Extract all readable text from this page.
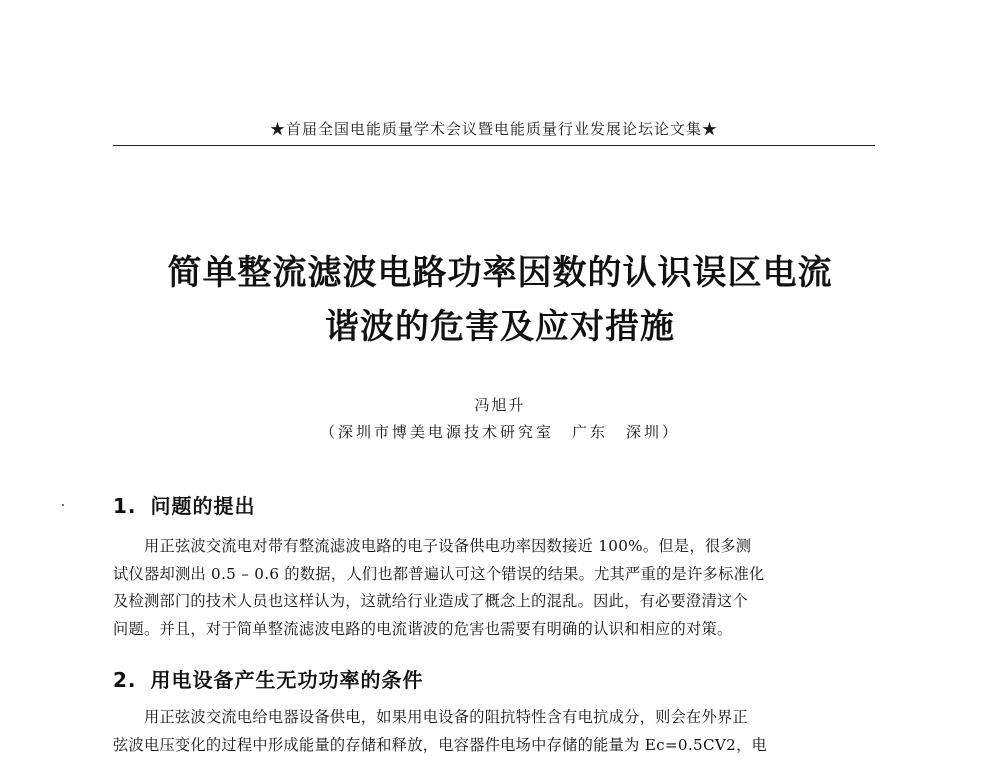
★首届全国电能质量学术会议暨电能质量行业发展论坛论文集★
简单整流滤波电路功率因数的认识误区电流
谐波的危害及应对措施
冯旭升
（深圳市博美电源技术研究室　广东　深圳）
1. 问题的提出
用正弦波交流电对带有整流滤波电路的电子设备供电功率因数接近 100%。但是，很多测
试仪器却测出 0.5 – 0.6 的数据，人们也都普遍认可这个错误的结果。尤其严重的是许多标准化
及检测部门的技术人员也这样认为，这就给行业造成了概念上的混乱。因此，有必要澄清这个
问题。并且，对于简单整流滤波电路的电流谐波的危害也需要有明确的认识和相应的对策。
2. 用电设备产生无功功率的条件
用正弦波交流电给电器设备供电，如果用电设备的阻抗特性含有电抗成分，则会在外界正
弦波电压变化的过程中形成能量的存储和释放，电容器件电场中存储的能量为 Ec=0.5CV2，电
